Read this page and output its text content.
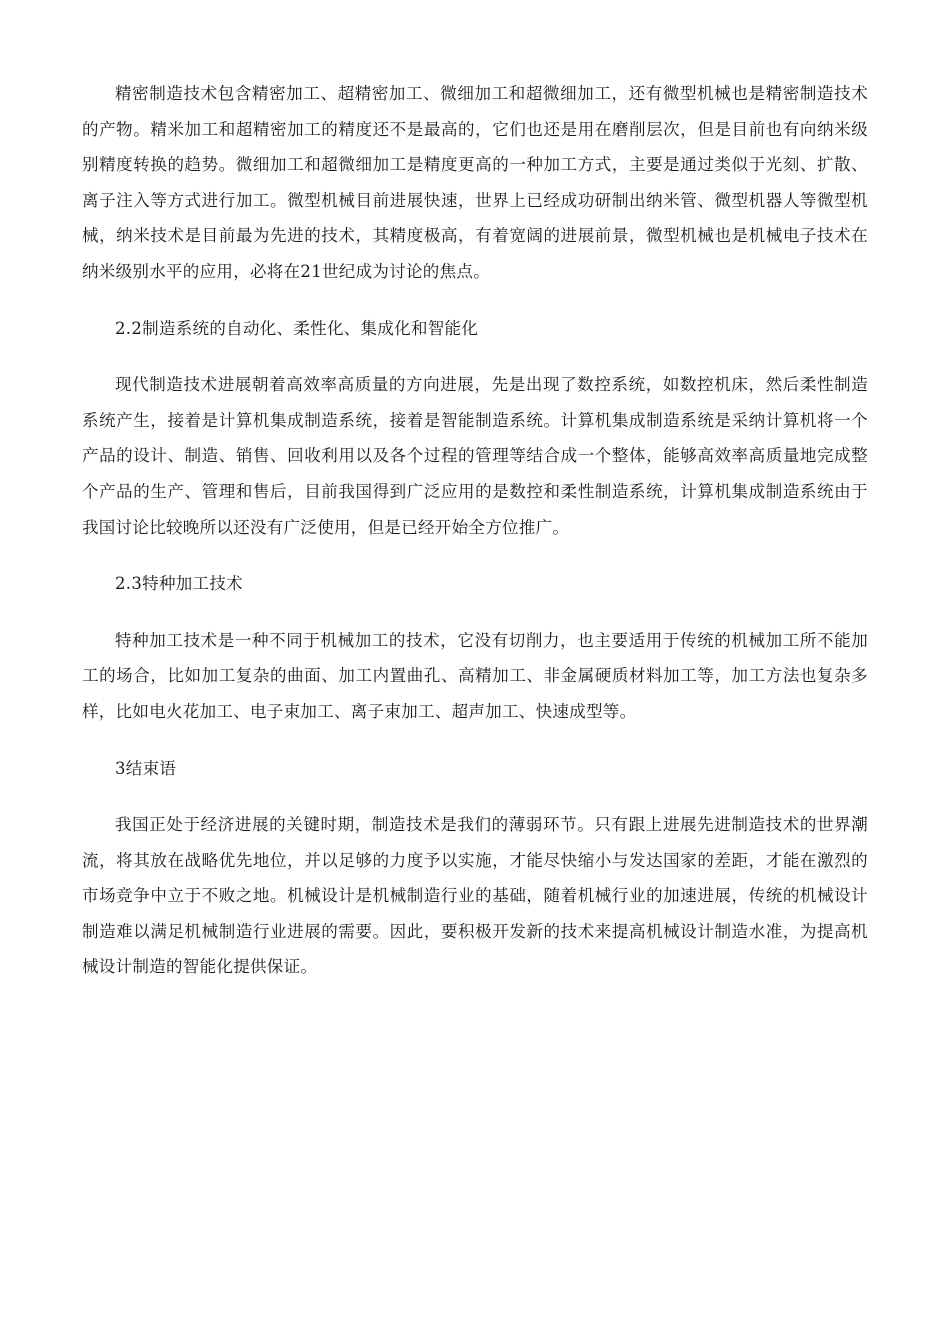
精密制造技术包含精密加工、超精密加工、微细加工和超微细加工，还有微型机械也是精密制造技术的产物。精米加工和超精密加工的精度还不是最高的，它们也还是用在磨削层次，但是目前也有向纳米级别精度转换的趋势。微细加工和超微细加工是精度更高的一种加工方式，主要是通过类似于光刻、扩散、离子注入等方式进行加工。微型机械目前进展快速，世界上已经成功研制出纳米管、微型机器人等微型机械，纳米技术是目前最为先进的技术，其精度极高，有着宽阔的进展前景，微型机械也是机械电子技术在纳米级别水平的应用，必将在21世纪成为讨论的焦点。

2.2制造系统的自动化、柔性化、集成化和智能化

现代制造技术进展朝着高效率高质量的方向进展，先是出现了数控系统，如数控机床，然后柔性制造系统产生，接着是计算机集成制造系统，接着是智能制造系统。计算机集成制造系统是采纳计算机将一个产品的设计、制造、销售、回收利用以及各个过程的管理等结合成一个整体，能够高效率高质量地完成整个产品的生产、管理和售后，目前我国得到广泛应用的是数控和柔性制造系统，计算机集成制造系统由于我国讨论比较晚所以还没有广泛使用，但是已经开始全方位推广。

2.3特种加工技术

特种加工技术是一种不同于机械加工的技术，它没有切削力，也主要适用于传统的机械加工所不能加工的场合，比如加工复杂的曲面、加工内置曲孔、高精加工、非金属硬质材料加工等，加工方法也复杂多样，比如电火花加工、电子束加工、离子束加工、超声加工、快速成型等。

3结束语

我国正处于经济进展的关键时期，制造技术是我们的薄弱环节。只有跟上进展先进制造技术的世界潮流，将其放在战略优先地位，并以足够的力度予以实施，才能尽快缩小与发达国家的差距，才能在激烈的市场竞争中立于不败之地。机械设计是机械制造行业的基础，随着机械行业的加速进展，传统的机械设计制造难以满足机械制造行业进展的需要。因此，要积极开发新的技术来提高机械设计制造水准，为提高机械设计制造的智能化提供保证。
